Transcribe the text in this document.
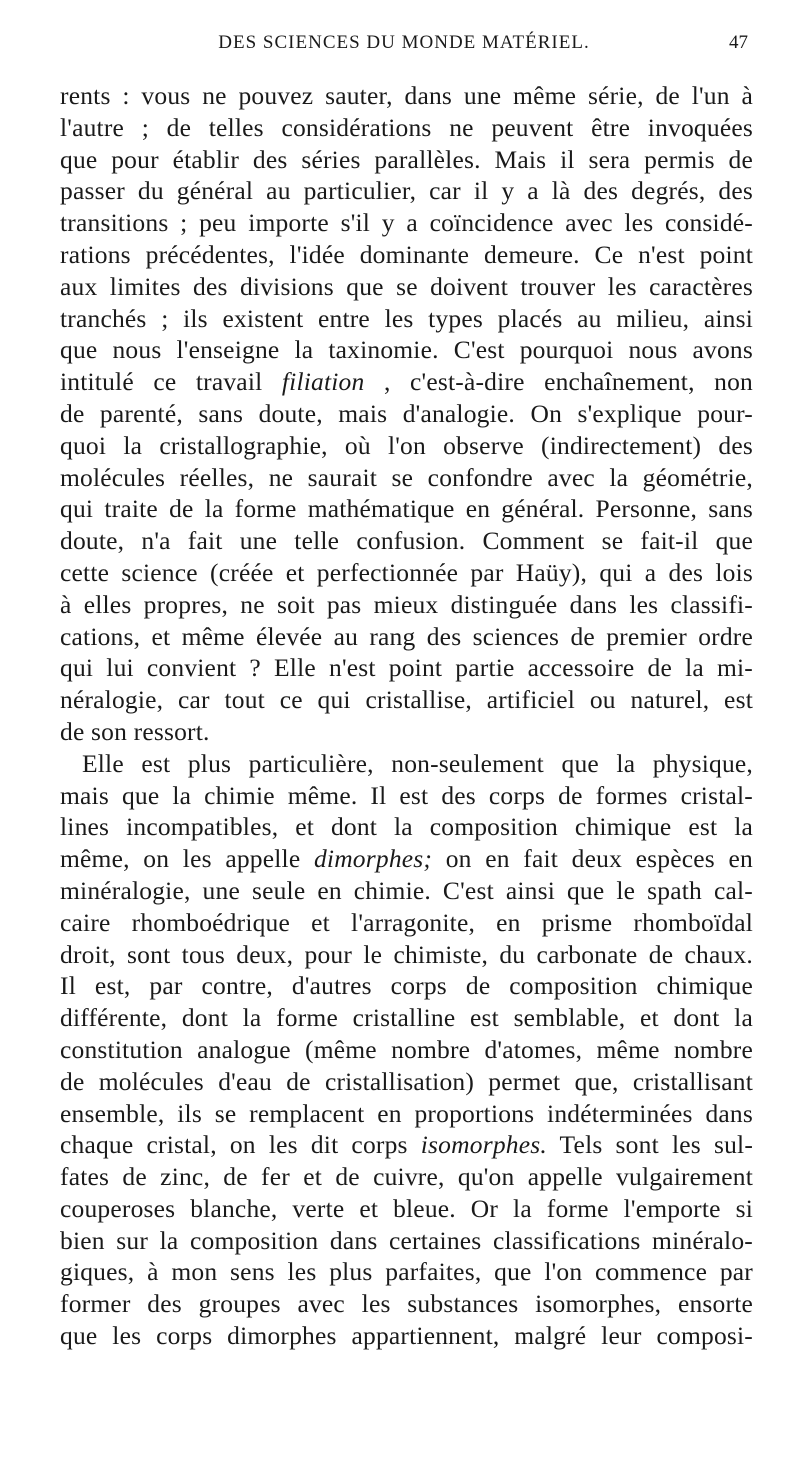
DES SCIENCES DU MONDE MATÉRIEL.	47
rents : vous ne pouvez sauter, dans une même série, de l'un à
l'autre ; de telles considérations ne peuvent être invoquées
que pour établir des séries parallèles. Mais il sera permis de
passer du général au particulier, car il y a là des degrés, des
transitions ; peu importe s'il y a coïncidence avec les considé-
rations précédentes, l'idée dominante demeure. Ce n'est point
aux limites des divisions que se doivent trouver les caractères
tranchés ; ils existent entre les types placés au milieu, ainsi
que nous l'enseigne la taxinomie. C'est pourquoi nous avons
intitulé ce travail filiation , c'est-à-dire enchaînement, non
de parenté, sans doute, mais d'analogie. On s'explique pour-
quoi la cristallographie, où l'on observe (indirectement) des
molécules réelles, ne saurait se confondre avec la géométrie,
qui traite de la forme mathématique en général. Personne, sans
doute, n'a fait une telle confusion. Comment se fait-il que
cette science (créée et perfectionnée par Haüy), qui a des lois
à elles propres, ne soit pas mieux distinguée dans les classifi-
cations, et même élevée au rang des sciences de premier ordre
qui lui convient ? Elle n'est point partie accessoire de la mi-
néralogie, car tout ce qui cristallise, artificiel ou naturel, est
de son ressort.
Elle est plus particulière, non-seulement que la physique,
mais que la chimie même. Il est des corps de formes cristal-
lines incompatibles, et dont la composition chimique est la
même, on les appelle dimorphes; on en fait deux espèces en
minéralogie, une seule en chimie. C'est ainsi que le spath cal-
caire rhomboédrique et l'arragonite, en prisme rhomboïdal
droit, sont tous deux, pour le chimiste, du carbonate de chaux.
Il est, par contre, d'autres corps de composition chimique
différente, dont la forme cristalline est semblable, et dont la
constitution analogue (même nombre d'atomes, même nombre
de molécules d'eau de cristallisation) permet que, cristallisant
ensemble, ils se remplacent en proportions indéterminées dans
chaque cristal, on les dit corps isomorphes. Tels sont les sul-
fates de zinc, de fer et de cuivre, qu'on appelle vulgairement
couperoses blanche, verte et bleue. Or la forme l'emporte si
bien sur la composition dans certaines classifications minéralo-
giques, à mon sens les plus parfaites, que l'on commence par
former des groupes avec les substances isomorphes, ensorte
que les corps dimorphes appartiennent, malgré leur composi-
